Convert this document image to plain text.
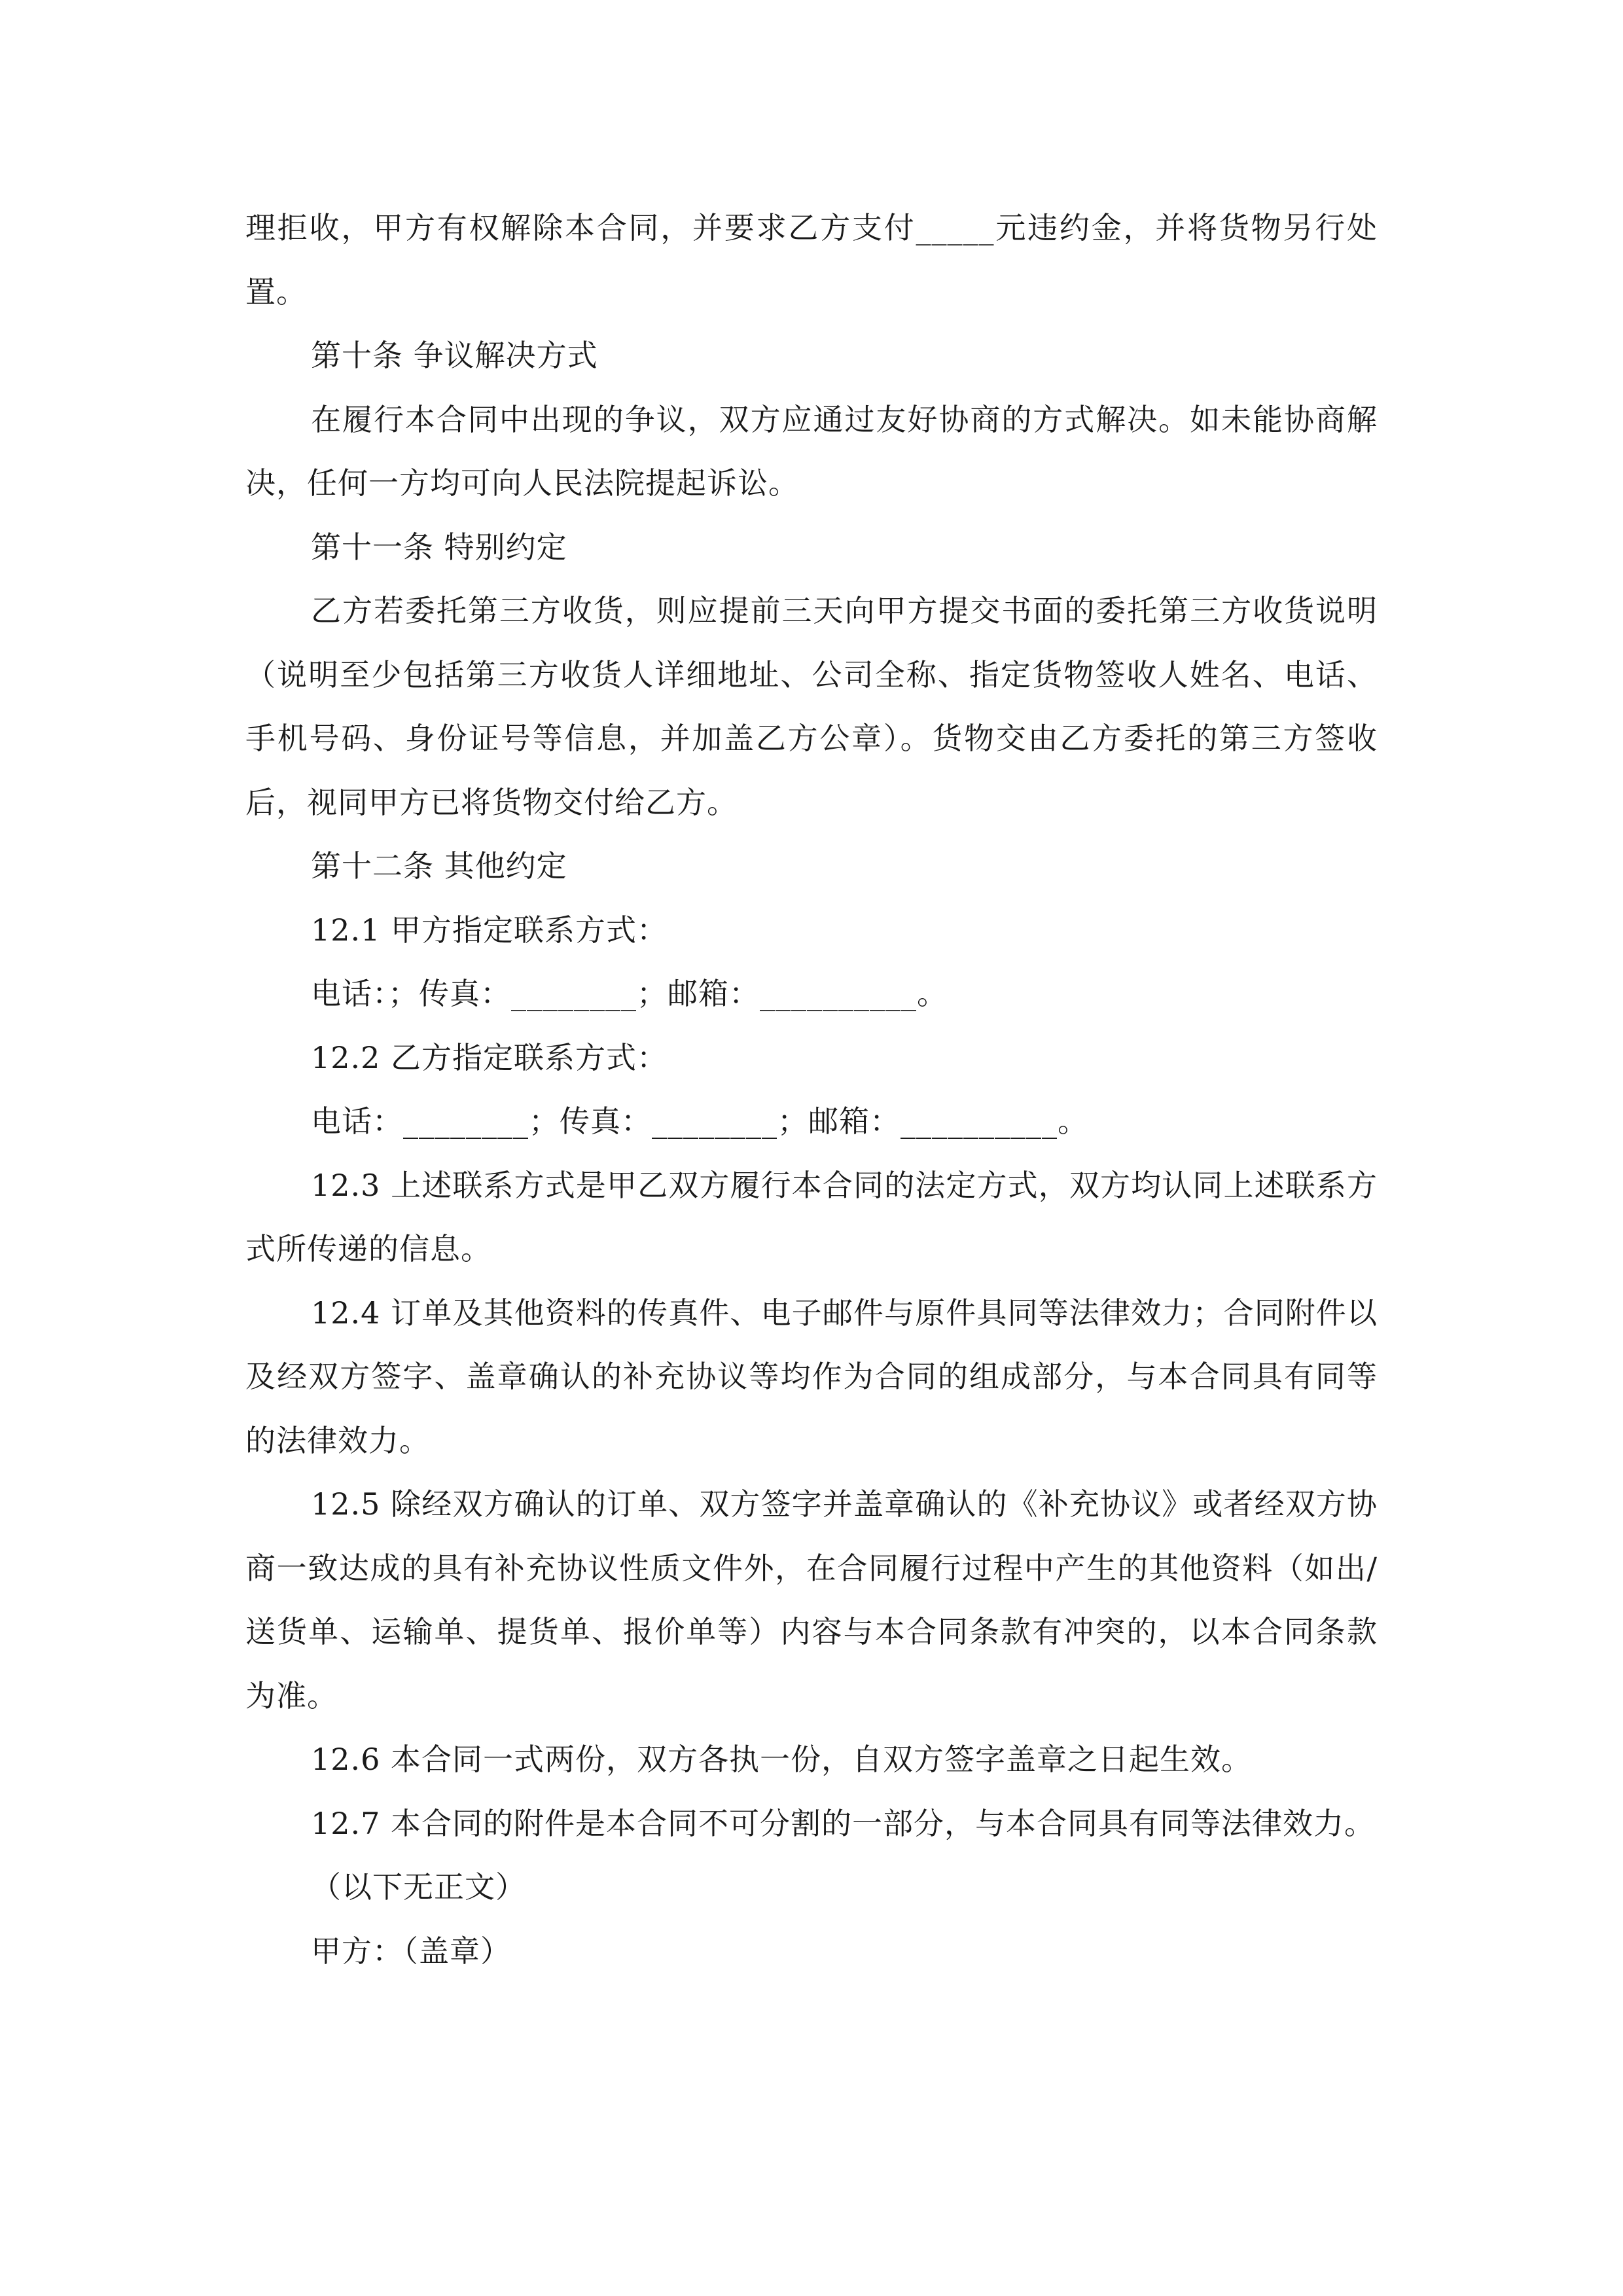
理拒收，甲方有权解除本合同，并要求乙方支付_____元违约金，并将货物另行处置。

第十条 争议解决方式

在履行本合同中出现的争议，双方应通过友好协商的方式解决。如未能协商解决，任何一方均可向人民法院提起诉讼。

第十一条 特别约定

乙方若委托第三方收货，则应提前三天向甲方提交书面的委托第三方收货说明（说明至少包括第三方收货人详细地址、公司全称、指定货物签收人姓名、电话、手机号码、身份证号等信息，并加盖乙方公章）。货物交由乙方委托的第三方签收后，视同甲方已将货物交付给乙方。

第十二条 其他约定

12.1 甲方指定联系方式：

电话：；传真：________；邮箱：__________。

12.2 乙方指定联系方式：

电话：________；传真：________；邮箱：__________。

12.3 上述联系方式是甲乙双方履行本合同的法定方式，双方均认同上述联系方式所传递的信息。

12.4 订单及其他资料的传真件、电子邮件与原件具同等法律效力；合同附件以及经双方签字、盖章确认的补充协议等均作为合同的组成部分，与本合同具有同等的法律效力。

12.5 除经双方确认的订单、双方签字并盖章确认的《补充协议》或者经双方协商一致达成的具有补充协议性质文件外，在合同履行过程中产生的其他资料（如出/送货单、运输单、提货单、报价单等）内容与本合同条款有冲突的，以本合同条款为准。

12.6 本合同一式两份，双方各执一份，自双方签字盖章之日起生效。

12.7 本合同的附件是本合同不可分割的一部分，与本合同具有同等法律效力。

（以下无正文）

甲方：（盖章）
